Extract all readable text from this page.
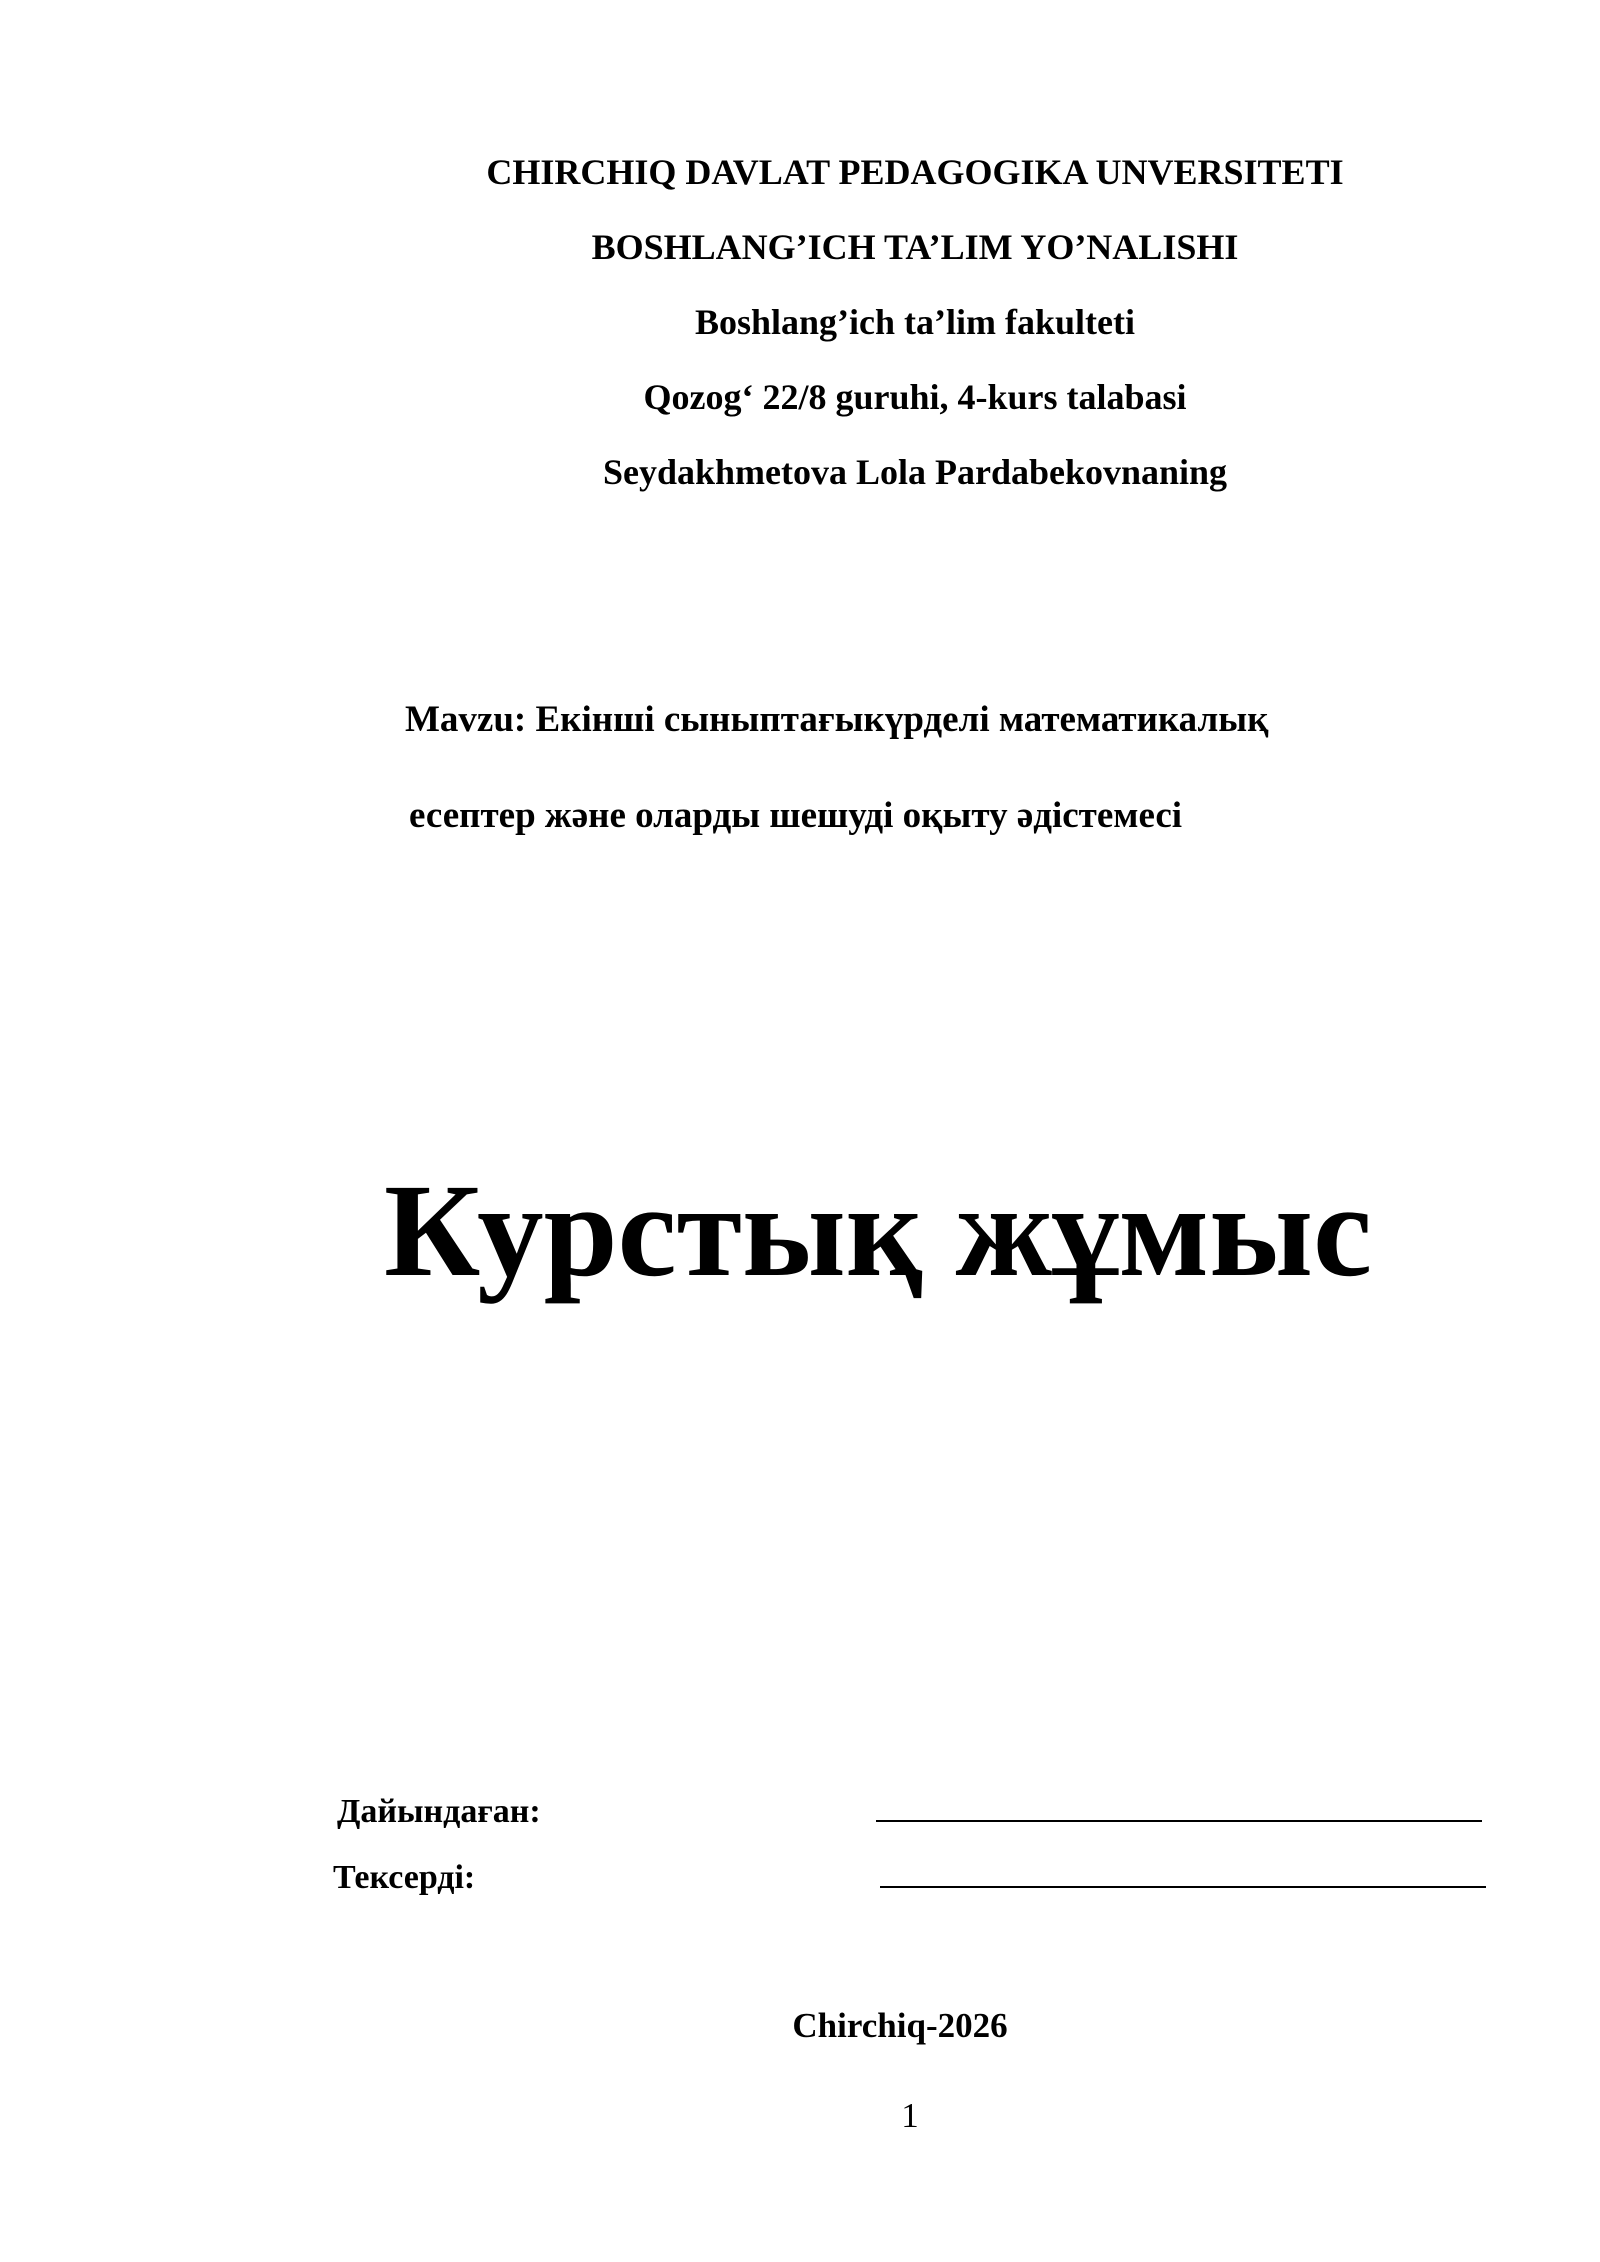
CHIRCHIQ DAVLAT PEDAGOGIKA UNVERSITETI
BOSHLANG’ICH TA’LIM YO’NALISHI
Boshlang’ich ta’lim fakulteti
Qozog‘ 22/8 guruhi, 4-kurs talabasi
Seydakhmetova Lola Pardabekovnaning
Mavzu: Екінші сыныптағыкүрделі математикалық
есептер және оларды шешуді оқыту әдістемесі
Курстық жұмыс
Дайындаған:
Тексерді:
Chirchiq-2026
1
